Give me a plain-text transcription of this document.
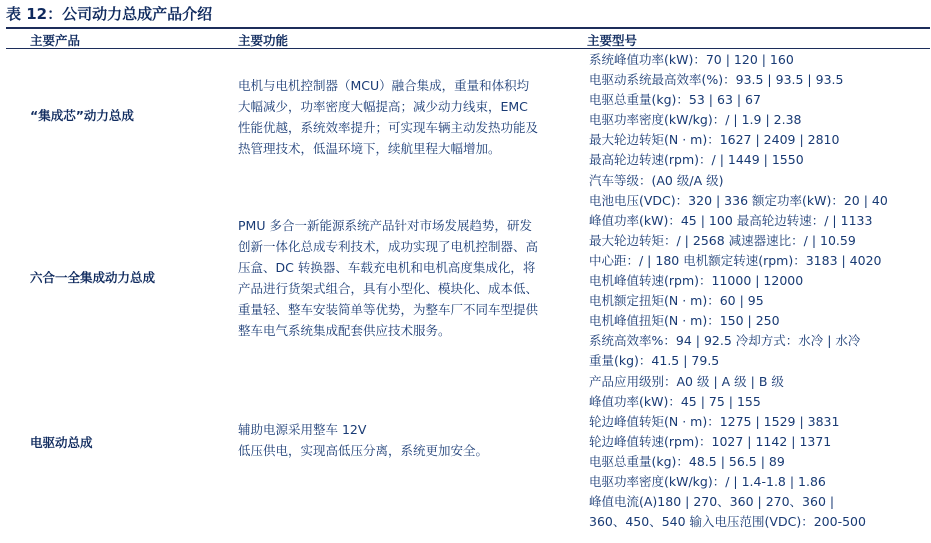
表 12：公司动力总成产品介绍
主要产品	主要功能	主要型号
“集成芯”动力总成

电机与电机控制器（MCU）融合集成，重量和体积均
大幅减少，功率密度大幅提高；减少动力线束，EMC
性能优越，系统效率提升；可实现车辆主动发热功能及
热管理技术，低温环境下，续航里程大幅增加。

六合一全集成动力总成

PMU 多合一新能源系统产品针对市场发展趋势，研发
创新一体化总成专利技术，成功实现了电机控制器、高
压盒、DC 转换器、车载充电机和电机高度集成化，将
产品进行货架式组合，具有小型化、模块化、成本低、
重量轻、整车安装简单等优势，为整车厂不同车型提供
整车电气系统集成配套供应技术服务。

电驱动总成

辅助电源采用整车 12V
低压供电，实现高低压分离，系统更加安全。

系统峰值功率(kW)：70 | 120 | 160
电驱动系统最高效率(%)：93.5 | 93.5 | 93.5
电驱总重量(kg)：53 | 63 | 67
电驱功率密度(kW/kg)：/ | 1.9 | 2.38
最大轮边转矩(N · m)：1627 | 2409 | 2810
最高轮边转速(rpm)：/ | 1449 | 1550
汽车等级：(A0 级/A 级)
电池电压(VDC)：320 | 336 额定功率(kW)：20 | 40
峰值功率(kW)：45 | 100 最高轮边转速：/ | 1133
最大轮边转矩：/ | 2568 减速器速比：/ | 10.59
中心距：/ | 180 电机额定转速(rpm)：3183 | 4020
电机峰值转速(rpm)：11000 | 12000
电机额定扭矩(N · m)：60 | 95
电机峰值扭矩(N · m)：150 | 250
系统高效率%：94 | 92.5 冷却方式：水冷 | 水冷
重量(kg)：41.5 | 79.5
产品应用级别：A0 级 | A 级 | B 级
峰值功率(kW)：45 | 75 | 155
轮边峰值转矩(N · m)：1275 | 1529 | 3831
轮边峰值转速(rpm)：1027 | 1142 | 1371
电驱总重量(kg)：48.5 | 56.5 | 89
电驱功率密度(kW/kg)：/ | 1.4-1.8 | 1.86
峰值电流(A)180 | 270、360 | 270、360 |
360、450、540 输入电压范围(VDC)：200-500
